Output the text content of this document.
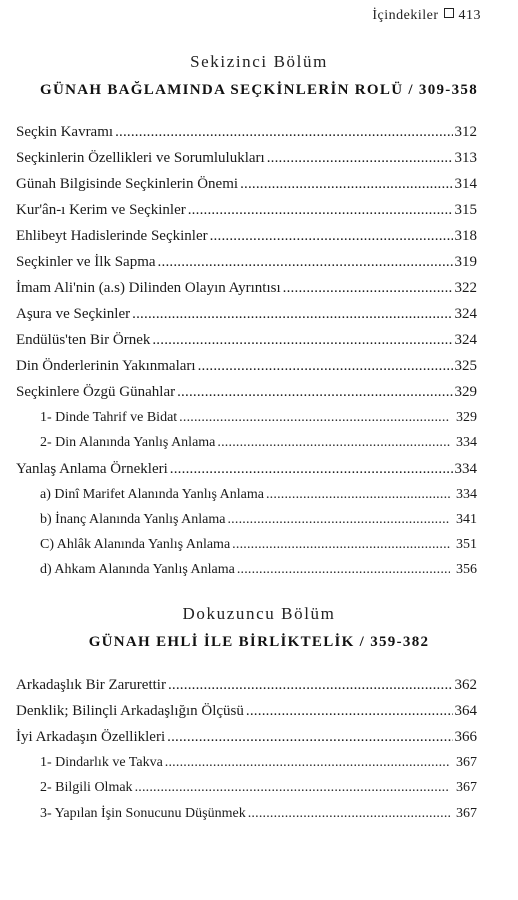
İçindekiler 413
Sekizinci Bölüm
GÜNAH BAĞLAMINDA SEÇKİNLERİN ROLÜ / 309-358
Seçkin Kavramı .....	312
Seçkinlerin Özellikleri ve Sorumlulukları .....	313
Günah Bilgisinde Seçkinlerin Önemi .....	314
Kur'ân-ı Kerim ve Seçkinler .....	315
Ehlibeyt Hadislerinde Seçkinler .....	318
Seçkinler ve İlk Sapma .....	319
İmam Ali'nin (a.s) Dilinden Olayın Ayrıntısı .....	322
Aşura ve Seçkinler .....	324
Endülüs'ten Bir Örnek .....	324
Din Önderlerinin Yakınmaları .....	325
Seçkinlere Özgü Günahlar .....	329
1- Dinde Tahrif ve Bidat .....	329
2- Din Alanında Yanlış Anlama .....	334
Yanlaş Anlama Örnekleri .....	334
a) Dinî Marifet Alanında Yanlış Anlama .....	334
b) İnanç Alanında Yanlış Anlama .....	341
C) Ahlâk Alanında Yanlış Anlama .....	351
d) Ahkam Alanında Yanlış Anlama .....	356
Dokuzuncu Bölüm
GÜNAH EHLİ İLE BİRLİKTELİK / 359-382
Arkadaşlık Bir Zarurettir .....	362
Denklik; Bilinçli Arkadaşlığın Ölçüsü .....	364
İyi Arkadaşın Özellikleri .....	366
1- Dindarlık ve Takva .....	367
2- Bilgili Olmak .....	367
3- Yapılan İşin Sonucunu Düşünmek .....	367
